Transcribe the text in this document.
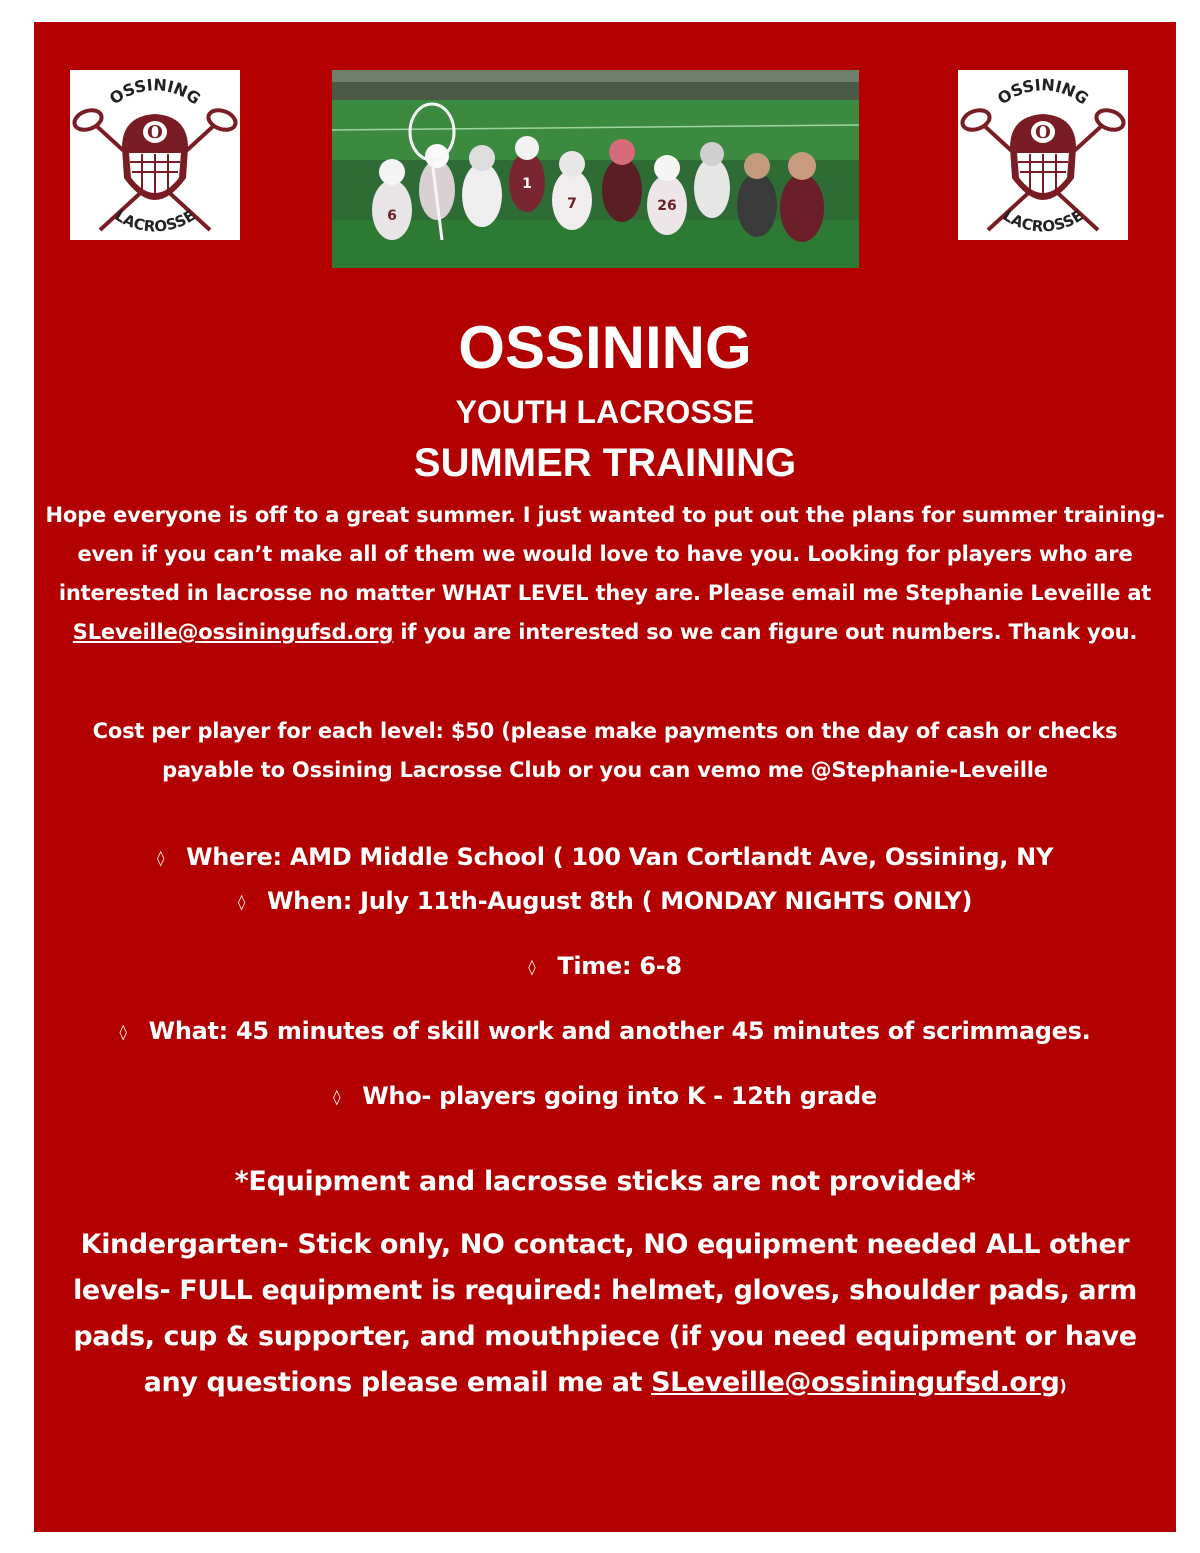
O
OSSINING
LACROSSE	6
1
7	26
O
OSSINING
LACROSSE
OSSINING
YOUTH LACROSSE
SUMMER TRAINING

Hope everyone is off to a great summer. I just wanted to put out the plans for summer training- even if you can’t make all of them we would love to have you. Looking for players who are interested in lacrosse no matter WHAT LEVEL they are. Please email me Stephanie Leveille at SLeveille@ossiningufsd.org if you are interested so we can figure out numbers. Thank you.

Cost per player for each level: $50 (please make payments on the day of cash or checks payable to Ossining Lacrosse Club or you can vemo me @Stephanie-Leveille

◊ Where: AMD Middle School ( 100 Van Cortlandt Ave, Ossining, NY

◊ When: July 11th-August 8th ( MONDAY NIGHTS ONLY)

◊ Time: 6-8

◊ What: 45 minutes of skill work and another 45 minutes of scrimmages.

◊ Who- players going into K - 12th grade

*Equipment and lacrosse sticks are not provided*

Kindergarten- Stick only, NO contact, NO equipment needed ALL other levels- FULL equipment is required: helmet, gloves, shoulder pads, arm pads, cup & supporter, and mouthpiece (if you need equipment or have any questions please email me at SLeveille@ossiningufsd.org)
